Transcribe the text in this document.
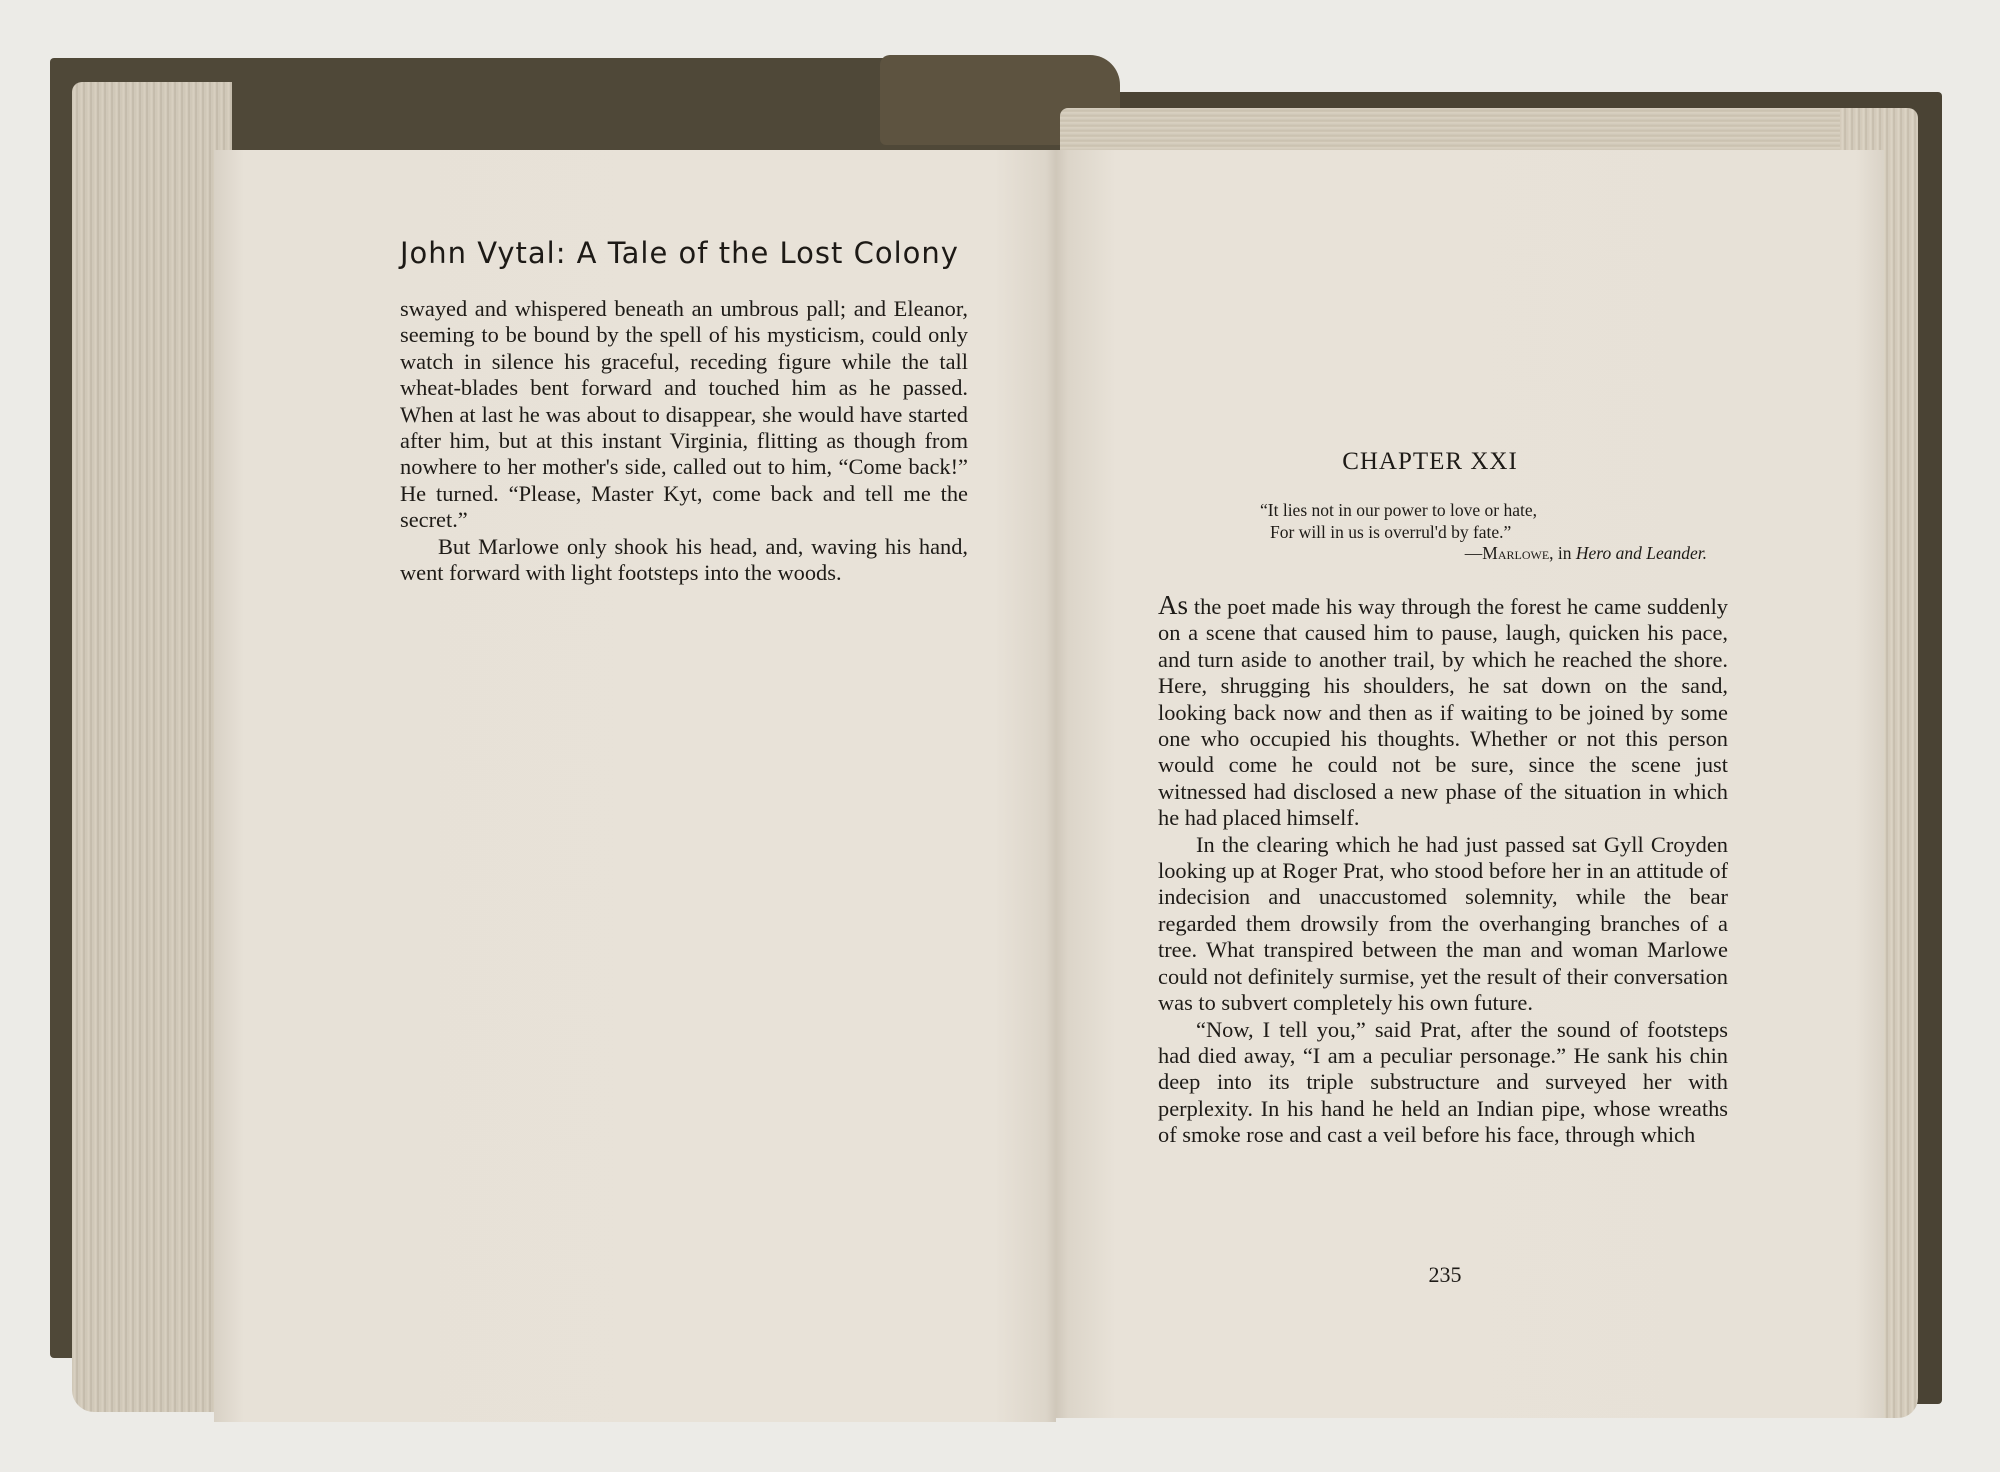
John Vytal: A Tale of the Lost Colony

swayed and whispered beneath an umbrous pall; and Eleanor, seeming to be bound by the spell of his mysticism, could only watch in silence his graceful, receding figure while the tall wheat-blades bent forward and touched him as he passed. When at last he was about to disappear, she would have started after him, but at this instant Virginia, flitting as though from nowhere to her mother's side, called out to him, “Come back!” He turned. “Please, Master Kyt, come back and tell me the secret.”

But Marlowe only shook his head, and, waving his hand, went forward with light footsteps into the woods.

CHAPTER XXI
“It lies not in our power to love or hate,
For will in us is overrul'd by fate.”
—Marlowe, in Hero and Leander.

As the poet made his way through the forest he came suddenly on a scene that caused him to pause, laugh, quicken his pace, and turn aside to another trail, by which he reached the shore. Here, shrugging his shoulders, he sat down on the sand, looking back now and then as if waiting to be joined by some one who occupied his thoughts. Whether or not this person would come he could not be sure, since the scene just witnessed had disclosed a new phase of the situation in which he had placed himself.

In the clearing which he had just passed sat Gyll Croyden looking up at Roger Prat, who stood before her in an attitude of indecision and unaccustomed solemnity, while the bear regarded them drowsily from the overhanging branches of a tree. What transpired between the man and woman Marlowe could not definitely surmise, yet the result of their conversation was to subvert completely his own future.

“Now, I tell you,” said Prat, after the sound of footsteps had died away, “I am a peculiar personage.” He sank his chin deep into its triple substructure and surveyed her with perplexity. In his hand he held an Indian pipe, whose wreaths of smoke rose and cast a veil before his face, through which

235
